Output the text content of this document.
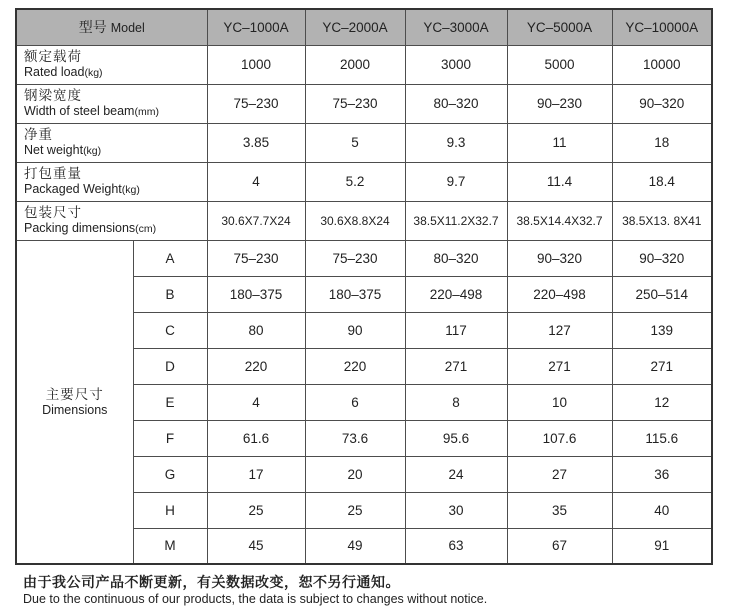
型号 Model		YC–1000A	YC–2000A	YC–3000A	YC–5000A	YC–10000A

额定载荷
Rated load(kg)		1000	2000	3000	5000	10000

钢梁宽度
Width of steel beam(mm)		75–230	75–230	80–320	90–230	90–320

净重
Net weight(kg)		3.85	5	9.3	11	18

打包重量
Packaged Weight(kg)		4	5.2	9.7	11.4	18.4

包装尺寸
Packing dimensions(cm)		30.6X7.7X24	30.6X8.8X24	38.5X11.2X32.7	38.5X14.4X32.7	38.5X13. 8X41

主要尺寸
Dimensions	A	75–230	75–230	80–320	90–320	90–320
	B	180–375	180–375	220–498	220–498	250–514
	C	80	90	117	127	139
	D	220	220	271	271	271
	E	4	6	8	10	12
	F	61.6	73.6	95.6	107.6	115.6
	G	17	20	24	27	36
	H	25	25	30	35	40
	M	45	49	63	67	91
由于我公司产品不断更新，有关数据改变，恕不另行通知。
Due to the continuous of our products, the data is subject to changes without notice.
